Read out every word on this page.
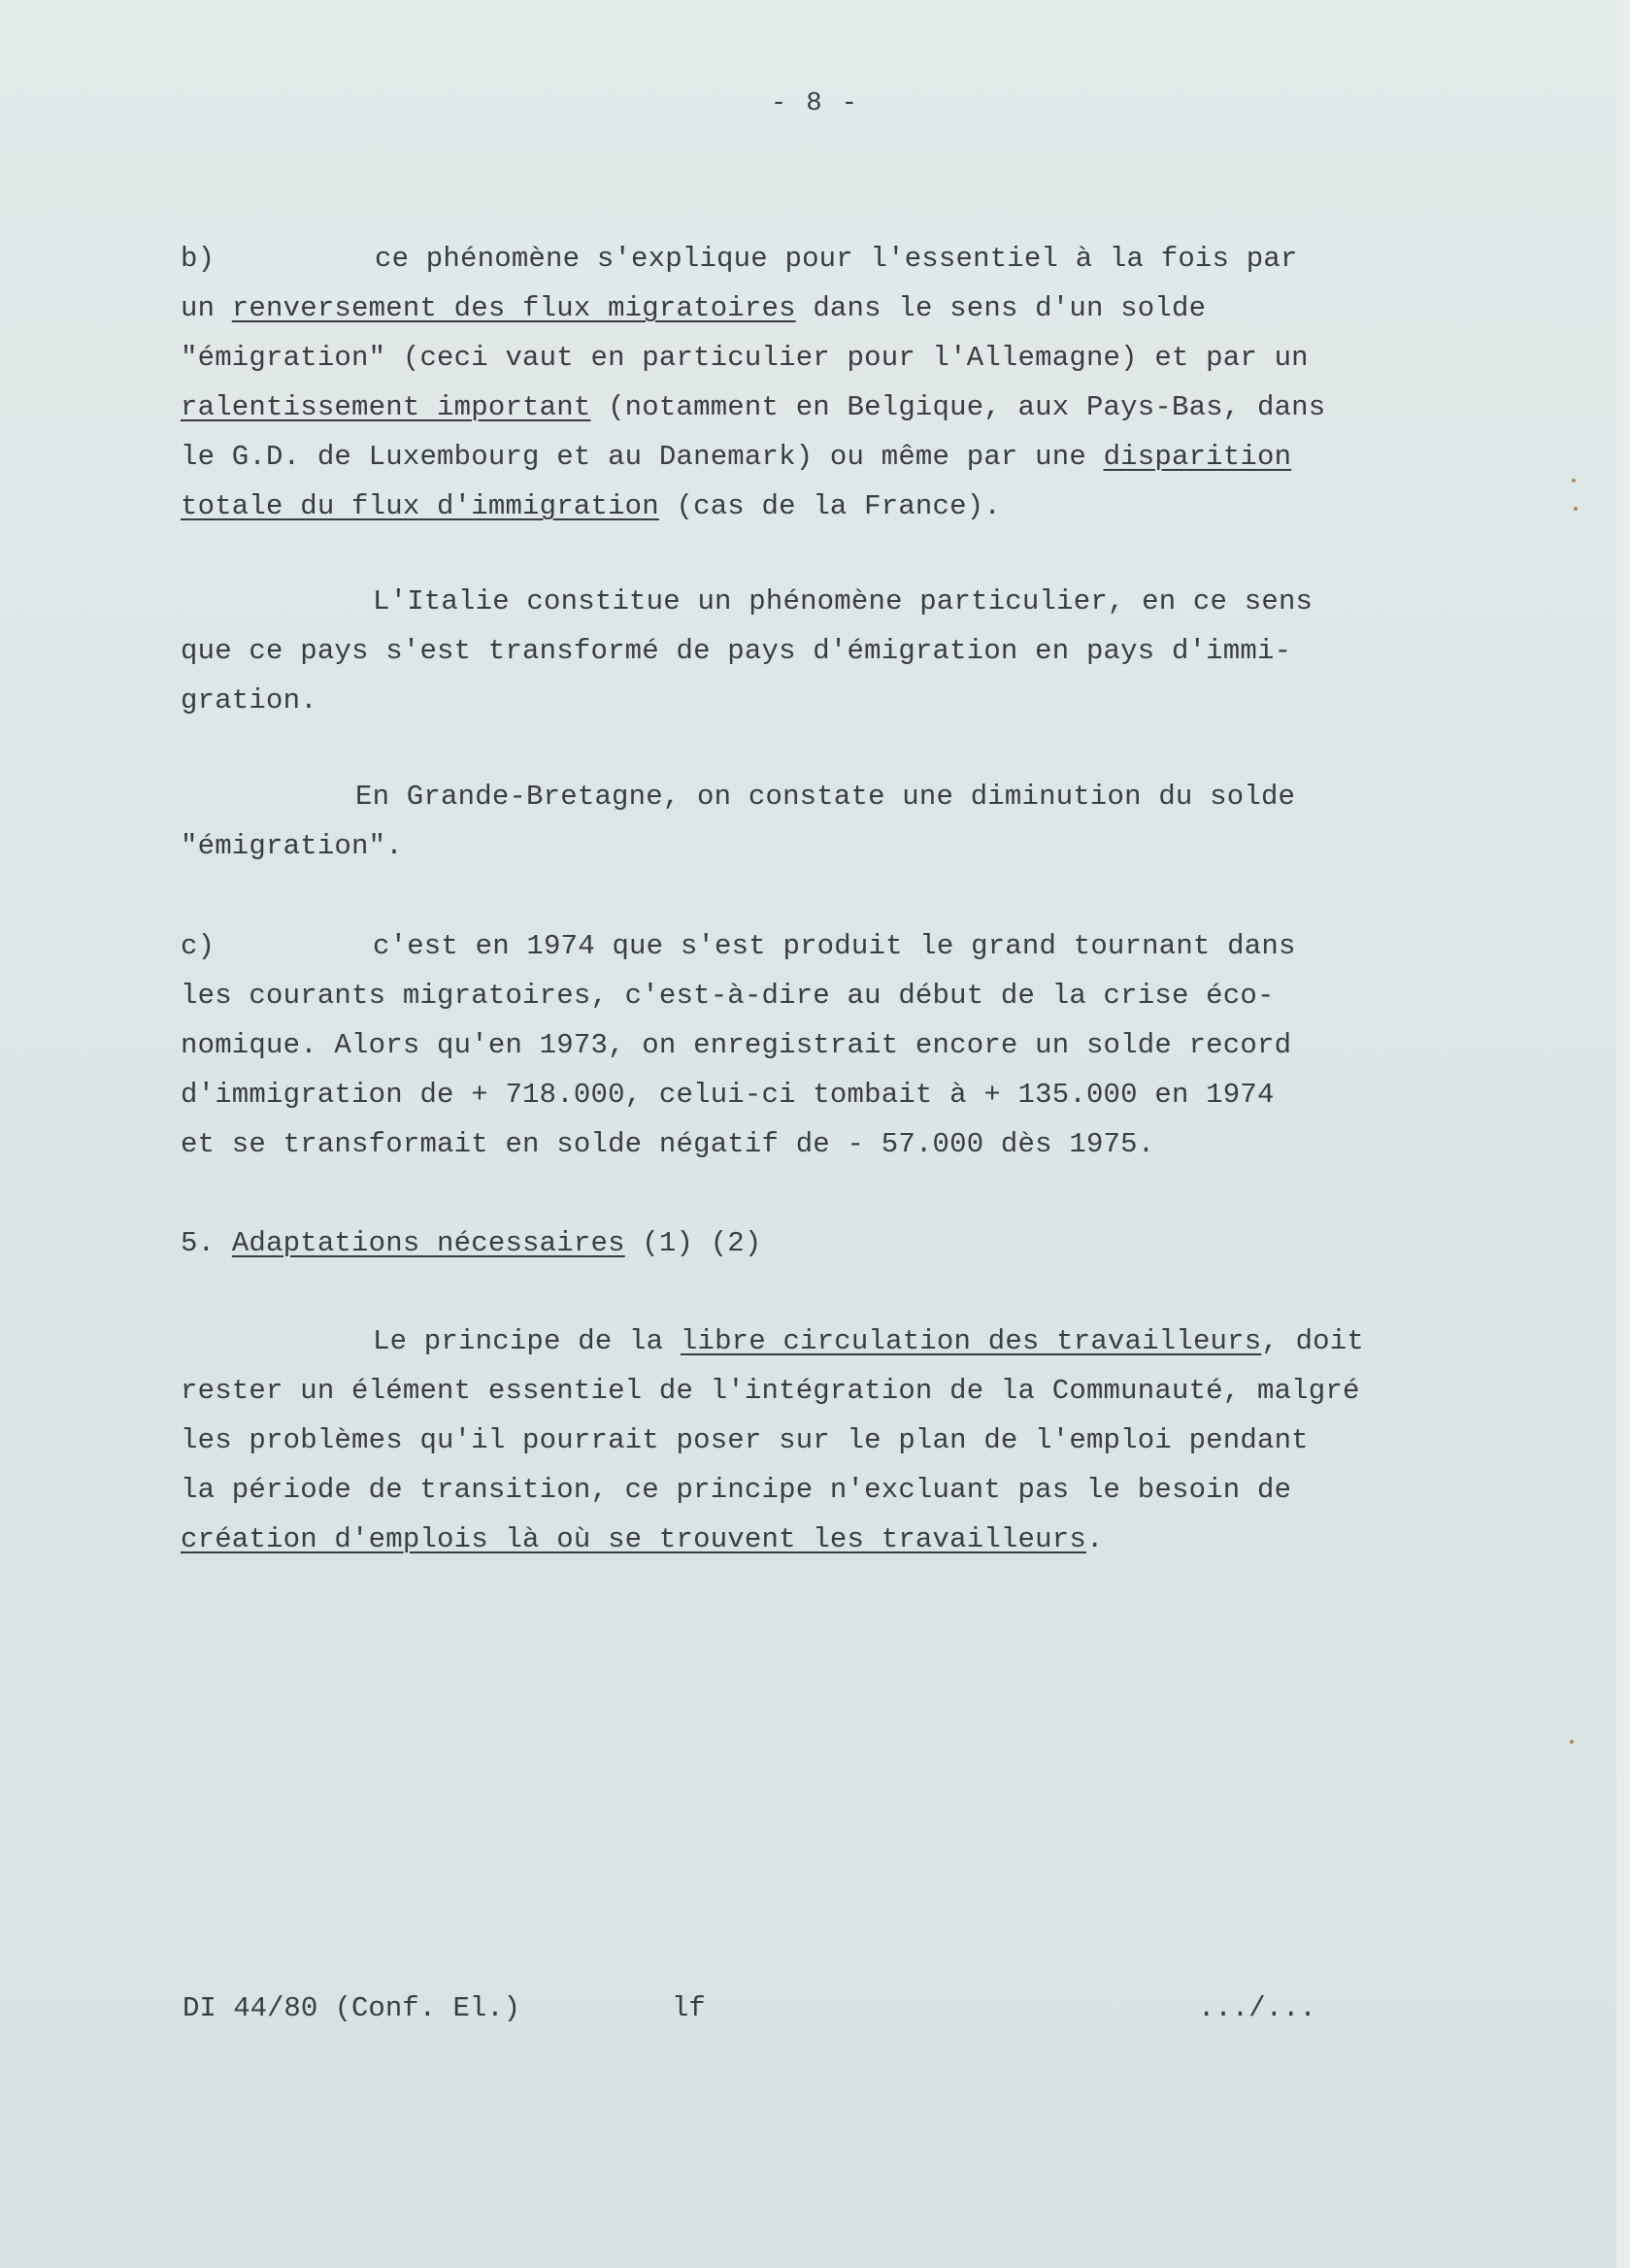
- 8 -
b)	ce phénomène s'explique pour l'essentiel à la fois par
un renversement des flux migratoires dans le sens d'un solde
"émigration" (ceci vaut en particulier pour l'Allemagne) et par un
ralentissement important (notamment en Belgique, aux Pays-Bas, dans
le G.D. de Luxembourg et au Danemark) ou même par une disparition
totale du flux d'immigration (cas de la France).
L'Italie constitue un phénomène particulier, en ce sens
que ce pays s'est transformé de pays d'émigration en pays d'immi-
gration.
En Grande-Bretagne, on constate une diminution du solde
"émigration".
c)	c'est en 1974 que s'est produit le grand tournant dans
les courants migratoires, c'est-à-dire au début de la crise éco-
nomique. Alors qu'en 1973, on enregistrait encore un solde record
d'immigration de + 718.000, celui-ci tombait à + 135.000 en 1974
et se transformait en solde négatif de - 57.000 dès 1975.
5. Adaptations nécessaires (1) (2)
Le principe de la libre circulation des travailleurs, doit
rester un élément essentiel de l'intégration de la Communauté, malgré
les problèmes qu'il pourrait poser sur le plan de l'emploi pendant
la période de transition, ce principe n'excluant pas le besoin de
création d'emplois là où se trouvent les travailleurs.
DI 44/80 (Conf. El.)	lf	.../...
